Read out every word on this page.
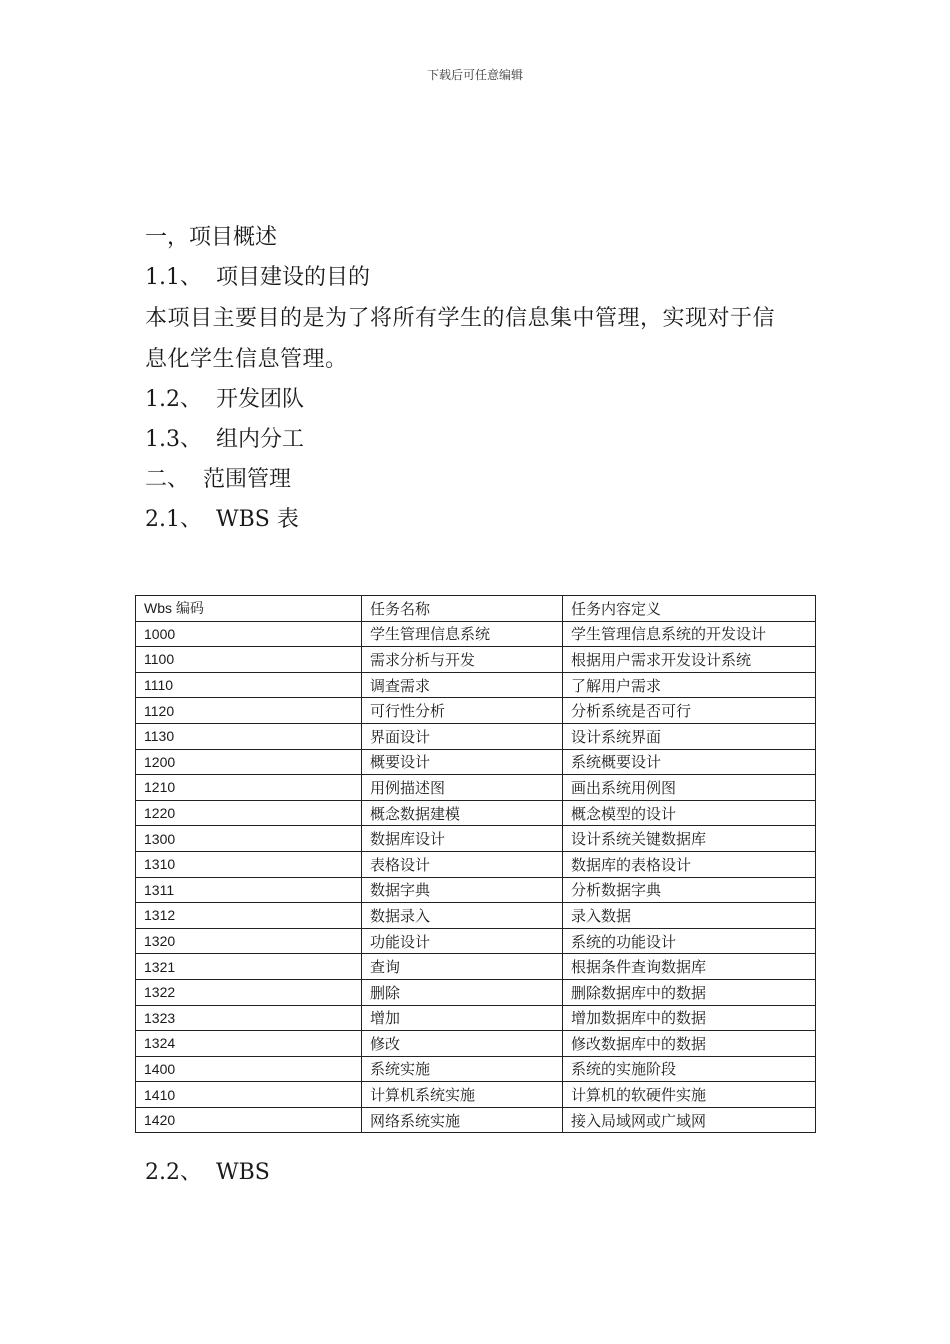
下载后可任意编辑
一，项目概述
1.1、 项目建设的目的
本项目主要目的是为了将所有学生的信息集中管理，实现对于信
息化学生信息管理。
1.2、 开发团队
1.3、 组内分工
二、 范围管理
2.1、 WBS 表
Wbs 编码	任务名称	任务内容定义
1000	学生管理信息系统	学生管理信息系统的开发设计
1100	需求分析与开发	根据用户需求开发设计系统
1110	调查需求	了解用户需求
1120	可行性分析	分析系统是否可行
1130	界面设计	设计系统界面
1200	概要设计	系统概要设计
1210	用例描述图	画出系统用例图
1220	概念数据建模	概念模型的设计
1300	数据库设计	设计系统关键数据库
1310	表格设计	数据库的表格设计
1311	数据字典	分析数据字典
1312	数据录入	录入数据
1320	功能设计	系统的功能设计
1321	查询	根据条件查询数据库
1322	删除	删除数据库中的数据
1323	增加	增加数据库中的数据
1324	修改	修改数据库中的数据
1400	系统实施	系统的实施阶段
1410	计算机系统实施	计算机的软硬件实施
1420	网络系统实施	接入局域网或广域网
2.2、 WBS
